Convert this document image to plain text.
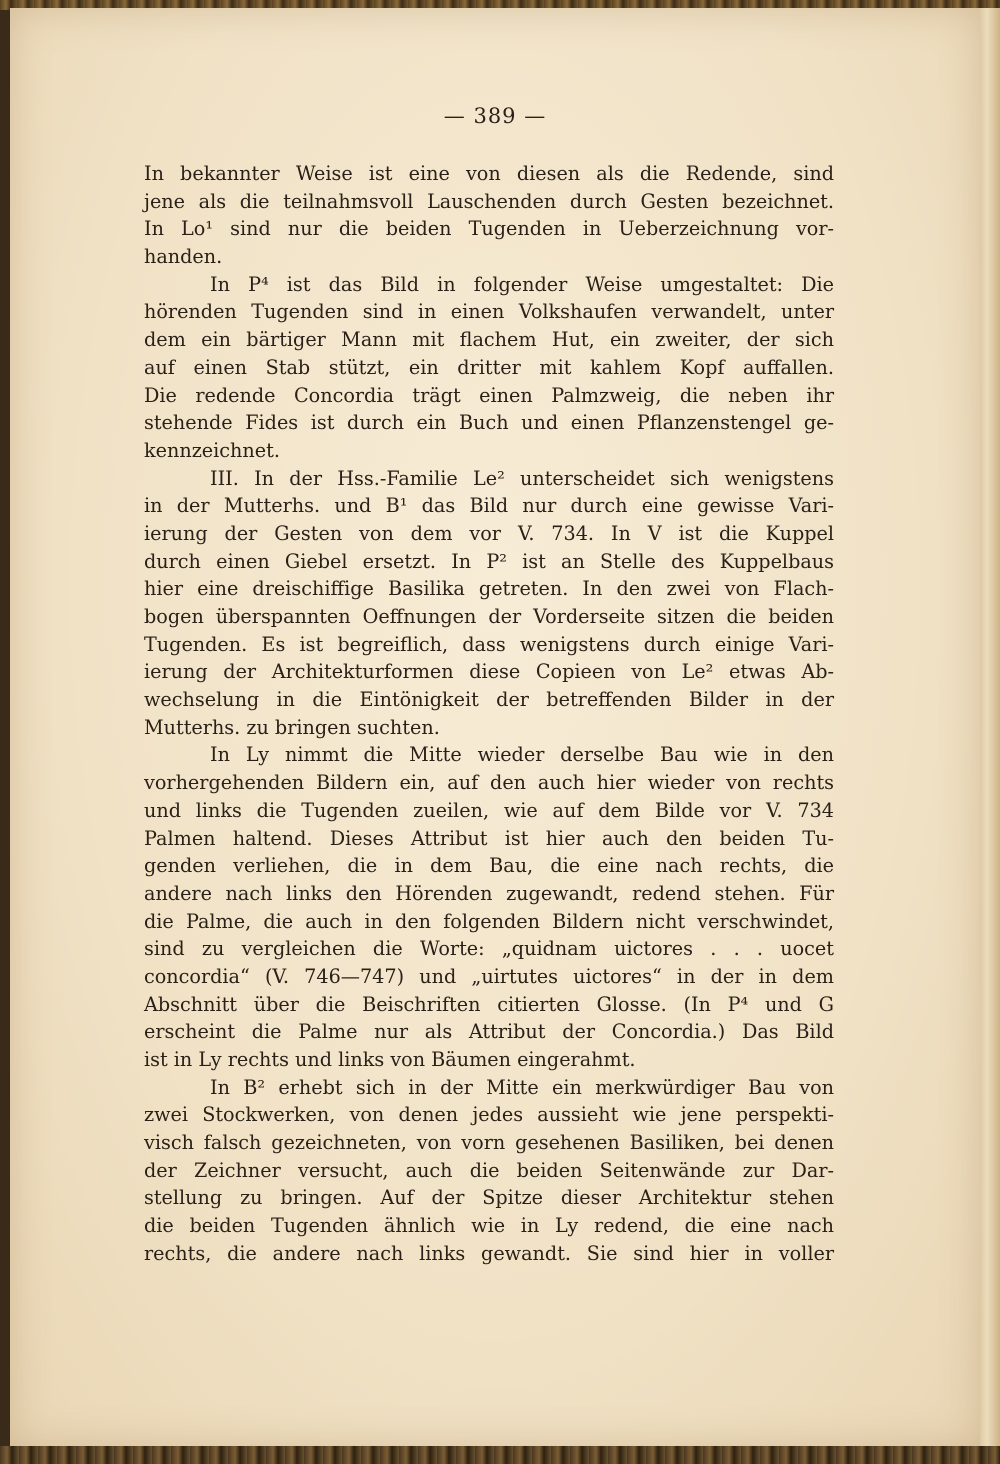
— 389 —
In bekannter Weise ist eine von diesen als die Redende, sind
jene als die teilnahmsvoll Lauschenden durch Gesten bezeichnet.
In Lo¹ sind nur die beiden Tugenden in Ueberzeichnung vor-
handen.
In P⁴ ist das Bild in folgender Weise umgestaltet: Die
hörenden Tugenden sind in einen Volkshaufen verwandelt, unter
dem ein bärtiger Mann mit flachem Hut, ein zweiter, der sich
auf einen Stab stützt, ein dritter mit kahlem Kopf auffallen.
Die redende Concordia trägt einen Palmzweig, die neben ihr
stehende Fides ist durch ein Buch und einen Pflanzenstengel ge-
kennzeichnet.
III. In der Hss.-Familie Le² unterscheidet sich wenigstens
in der Mutterhs. und B¹ das Bild nur durch eine gewisse Vari-
ierung der Gesten von dem vor V. 734. In V ist die Kuppel
durch einen Giebel ersetzt. In P² ist an Stelle des Kuppelbaus
hier eine dreischiffige Basilika getreten. In den zwei von Flach-
bogen überspannten Oeffnungen der Vorderseite sitzen die beiden
Tugenden. Es ist begreiflich, dass wenigstens durch einige Vari-
ierung der Architekturformen diese Copieen von Le² etwas Ab-
wechselung in die Eintönigkeit der betreffenden Bilder in der
Mutterhs. zu bringen suchten.
In Ly nimmt die Mitte wieder derselbe Bau wie in den
vorhergehenden Bildern ein, auf den auch hier wieder von rechts
und links die Tugenden zueilen, wie auf dem Bilde vor V. 734
Palmen haltend. Dieses Attribut ist hier auch den beiden Tu-
genden verliehen, die in dem Bau, die eine nach rechts, die
andere nach links den Hörenden zugewandt, redend stehen. Für
die Palme, die auch in den folgenden Bildern nicht verschwindet,
sind zu vergleichen die Worte: „quidnam uictores . . . uocet
concordia“ (V. 746—747) und „uirtutes uictores“ in der in dem
Abschnitt über die Beischriften citierten Glosse. (In P⁴ und G
erscheint die Palme nur als Attribut der Concordia.) Das Bild
ist in Ly rechts und links von Bäumen eingerahmt.
In B² erhebt sich in der Mitte ein merkwürdiger Bau von
zwei Stockwerken, von denen jedes aussieht wie jene perspekti-
visch falsch gezeichneten, von vorn gesehenen Basiliken, bei denen
der Zeichner versucht, auch die beiden Seitenwände zur Dar-
stellung zu bringen. Auf der Spitze dieser Architektur stehen
die beiden Tugenden ähnlich wie in Ly redend, die eine nach
rechts, die andere nach links gewandt. Sie sind hier in voller
